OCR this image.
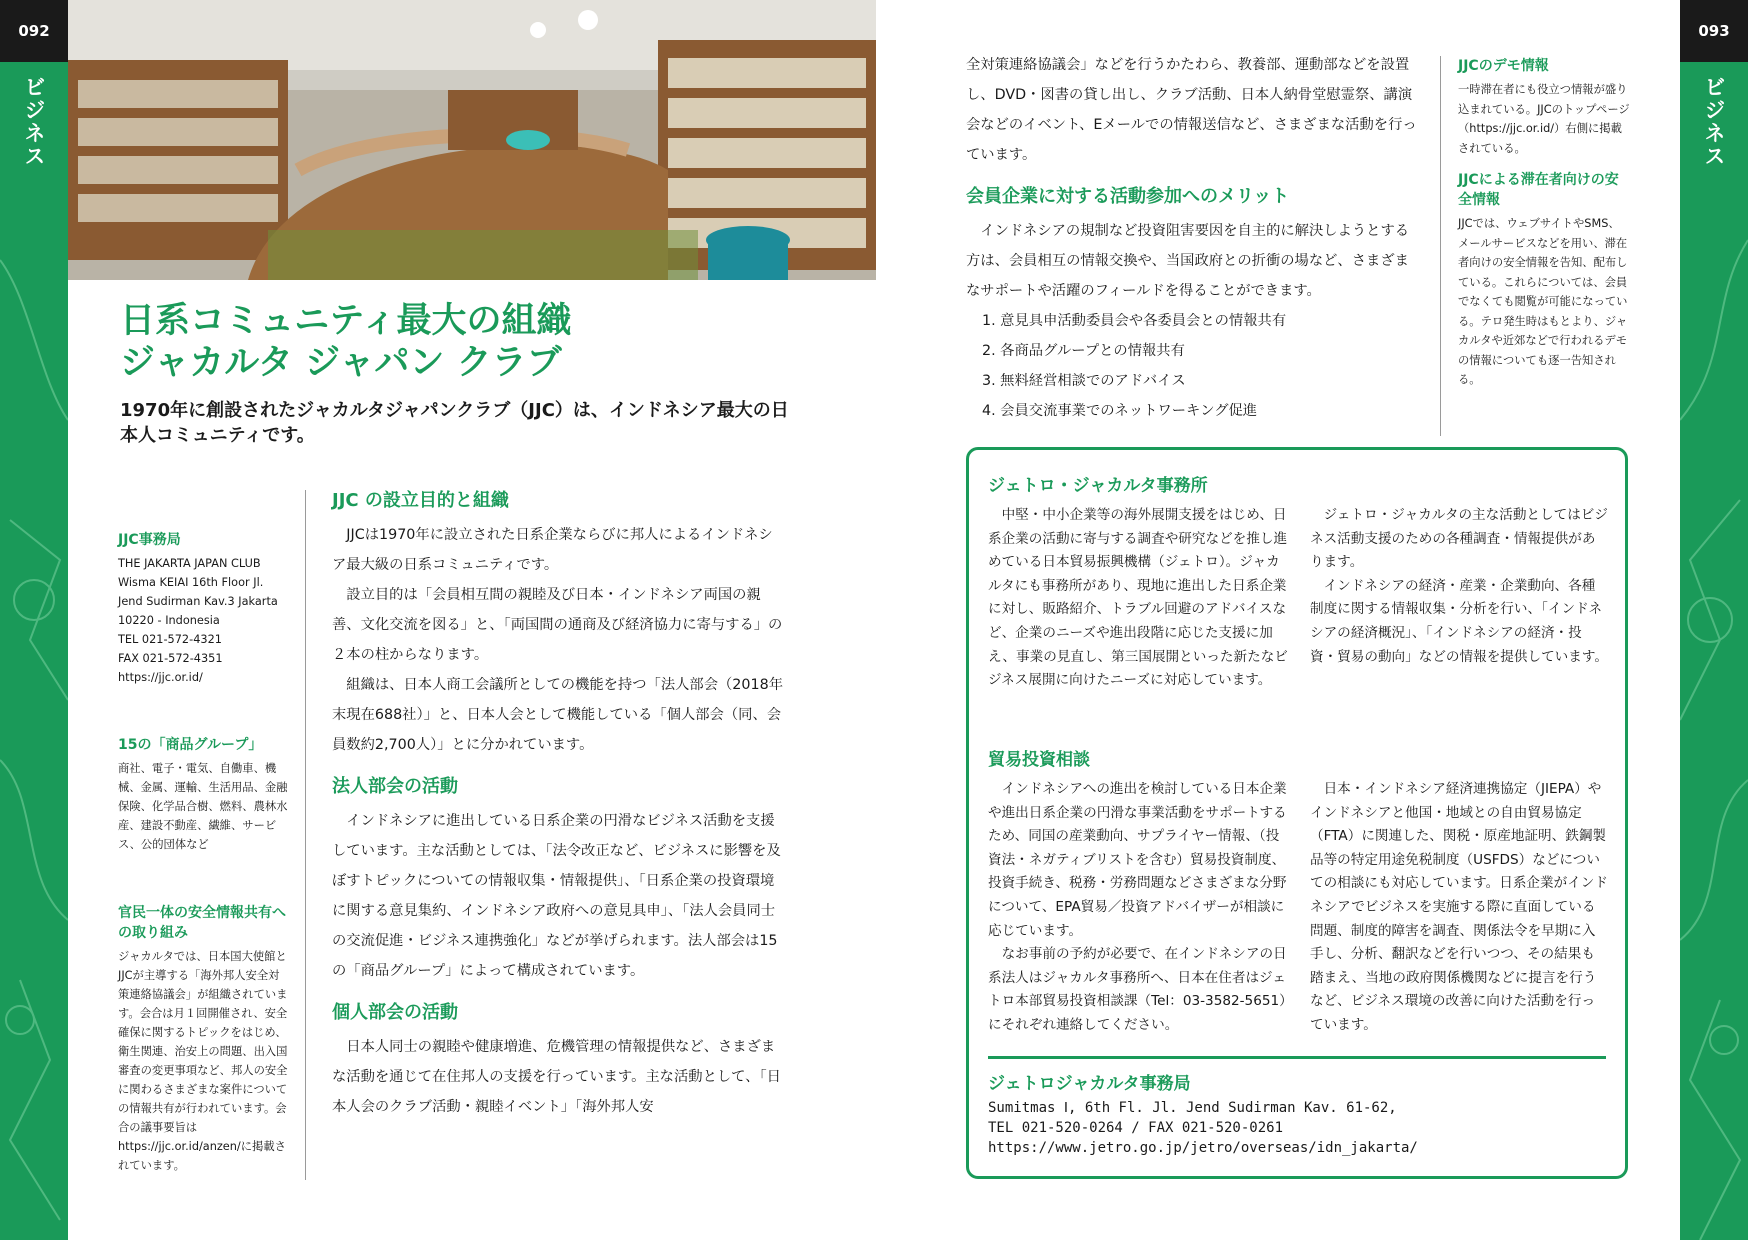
092
ビジネス
093
ビジネス
日系コミュニティ最大の組織
ジャカルタ ジャパン クラブ

1970年に創設されたジャカルタジャパンクラブ（JJC）は、インドネシア最大の日本人コミュニティです。

JJC事務局

THE JAKARTA JAPAN CLUB

Wisma KEIAI 16th Floor Jl.

Jend Sudirman Kav.3 Jakarta

10220 - Indonesia

TEL 021-572-4321

FAX 021-572-4351

https://jjc.or.id/

15の「商品グループ」

商社、電子・電気、自働車、機械、金属、運輸、生活用品、金融保険、化学品合樹、燃料、農林水産、建設不動産、繊維、サービス、公的団体など

官民一体の安全情報共有への取り組み

ジャカルタでは、日本国大使館とJJCが主導する「海外邦人安全対策連絡協議会」が組織されています。会合は月１回開催され、安全確保に関するトピックをはじめ、衛生関連、治安上の問題、出入国審査の変更事項など、邦人の安全に関わるさまざまな案件についての情報共有が行われています。会合の議事要旨はhttps://jjc.or.id/anzen/に掲載されています。

JJC の設立目的と組織

JJCは1970年に設立された日系企業ならびに邦人によるインドネシア最大級の日系コミュニティです。

設立目的は「会員相互間の親睦及び日本・インドネシア両国の親善、文化交流を図る」と、「両国間の通商及び経済協力に寄与する」の２本の柱からなります。

組織は、日本人商工会議所としての機能を持つ「法人部会（2018年末現在688社）」と、日本人会として機能している「個人部会（同、会員数約2,700人）」とに分かれています。

法人部会の活動

インドネシアに進出している日系企業の円滑なビジネス活動を支援しています。主な活動としては、「法令改正など、ビジネスに影響を及ぼすトピックについての情報収集・情報提供」、「日系企業の投資環境に関する意見集約、インドネシア政府への意見具申」、「法人会員同士の交流促進・ビジネス連携強化」などが挙げられます。法人部会は15の「商品グループ」によって構成されています。

個人部会の活動

日本人同士の親睦や健康増進、危機管理の情報提供など、さまざまな活動を通じて在住邦人の支援を行っています。主な活動として、「日本人会のクラブ活動・親睦イベント」「海外邦人安

全対策連絡協議会」などを行うかたわら、教養部、運動部などを設置し、DVD・図書の貸し出し、クラブ活動、日本人納骨堂慰霊祭、講演会などのイベント、Eメールでの情報送信など、さまざまな活動を行っています。

会員企業に対する活動参加へのメリット

インドネシアの規制など投資阻害要因を自主的に解決しようとする方は、会員相互の情報交換や、当国政府との折衝の場など、さまざまなサポートや活躍のフィールドを得ることができます。

1. 意見具申活動委員会や各委員会との情報共有
2. 各商品グループとの情報共有
3. 無料経営相談でのアドバイス
4. 会員交流事業でのネットワーキング促進
JJCのデモ情報

一時滞在者にも役立つ情報が盛り込まれている。JJCのトップページ（https://jjc.or.id/）右側に掲載されている。

JJCによる滞在者向けの安全情報

JJCでは、ウェブサイトやSMS、メールサービスなどを用い、滞在者向けの安全情報を告知、配布している。これらについては、会員でなくても閲覧が可能になっている。テロ発生時はもとより、ジャカルタや近郊などで行われるデモの情報についても逐一告知される。

ジェトロ・ジャカルタ事務所

中堅・中小企業等の海外展開支援をはじめ、日系企業の活動に寄与する調査や研究などを推し進めている日本貿易振興機構（ジェトロ）。ジャカルタにも事務所があり、現地に進出した日系企業に対し、販路紹介、トラブル回避のアドバイスなど、企業のニーズや進出段階に応じた支援に加え、事業の見直し、第三国展開といった新たなビジネス展開に向けたニーズに対応しています。

ジェトロ・ジャカルタの主な活動としてはビジネス活動支援のための各種調査・情報提供があります。

インドネシアの経済・産業・企業動向、各種制度に関する情報収集・分析を行い、「インドネシアの経済概況」、「インドネシアの経済・投資・貿易の動向」などの情報を提供しています。

貿易投資相談

インドネシアへの進出を検討している日本企業や進出日系企業の円滑な事業活動をサポートするため、同国の産業動向、サプライヤー情報、（投資法・ネガティブリストを含む）貿易投資制度、投資手続き、税務・労務問題などさまざまな分野について、EPA貿易／投資アドバイザーが相談に応じています。

なお事前の予約が必要で、在インドネシアの日系法人はジャカルタ事務所へ、日本在住者はジェトロ本部貿易投資相談課（Tel：03-3582-5651）にそれぞれ連絡してください。

日本・インドネシア経済連携協定（JIEPA）やインドネシアと他国・地域との自由貿易協定（FTA）に関連した、関税・原産地証明、鉄鋼製品等の特定用途免税制度（USFDS）などについての相談にも対応しています。日系企業がインドネシアでビジネスを実施する際に直面している問題、制度的障害を調査、関係法令を早期に入手し、分析、翻訳などを行いつつ、その結果も踏まえ、当地の政府関係機関などに提言を行うなど、ビジネス環境の改善に向けた活動を行っています。

ジェトロジャカルタ事務局

Sumitmas Ⅰ, 6th Fl. Jl. Jend Sudirman Kav. 61-62,

TEL 021-520-0264 / FAX 021-520-0261

https://www.jetro.go.jp/jetro/overseas/idn_jakarta/
